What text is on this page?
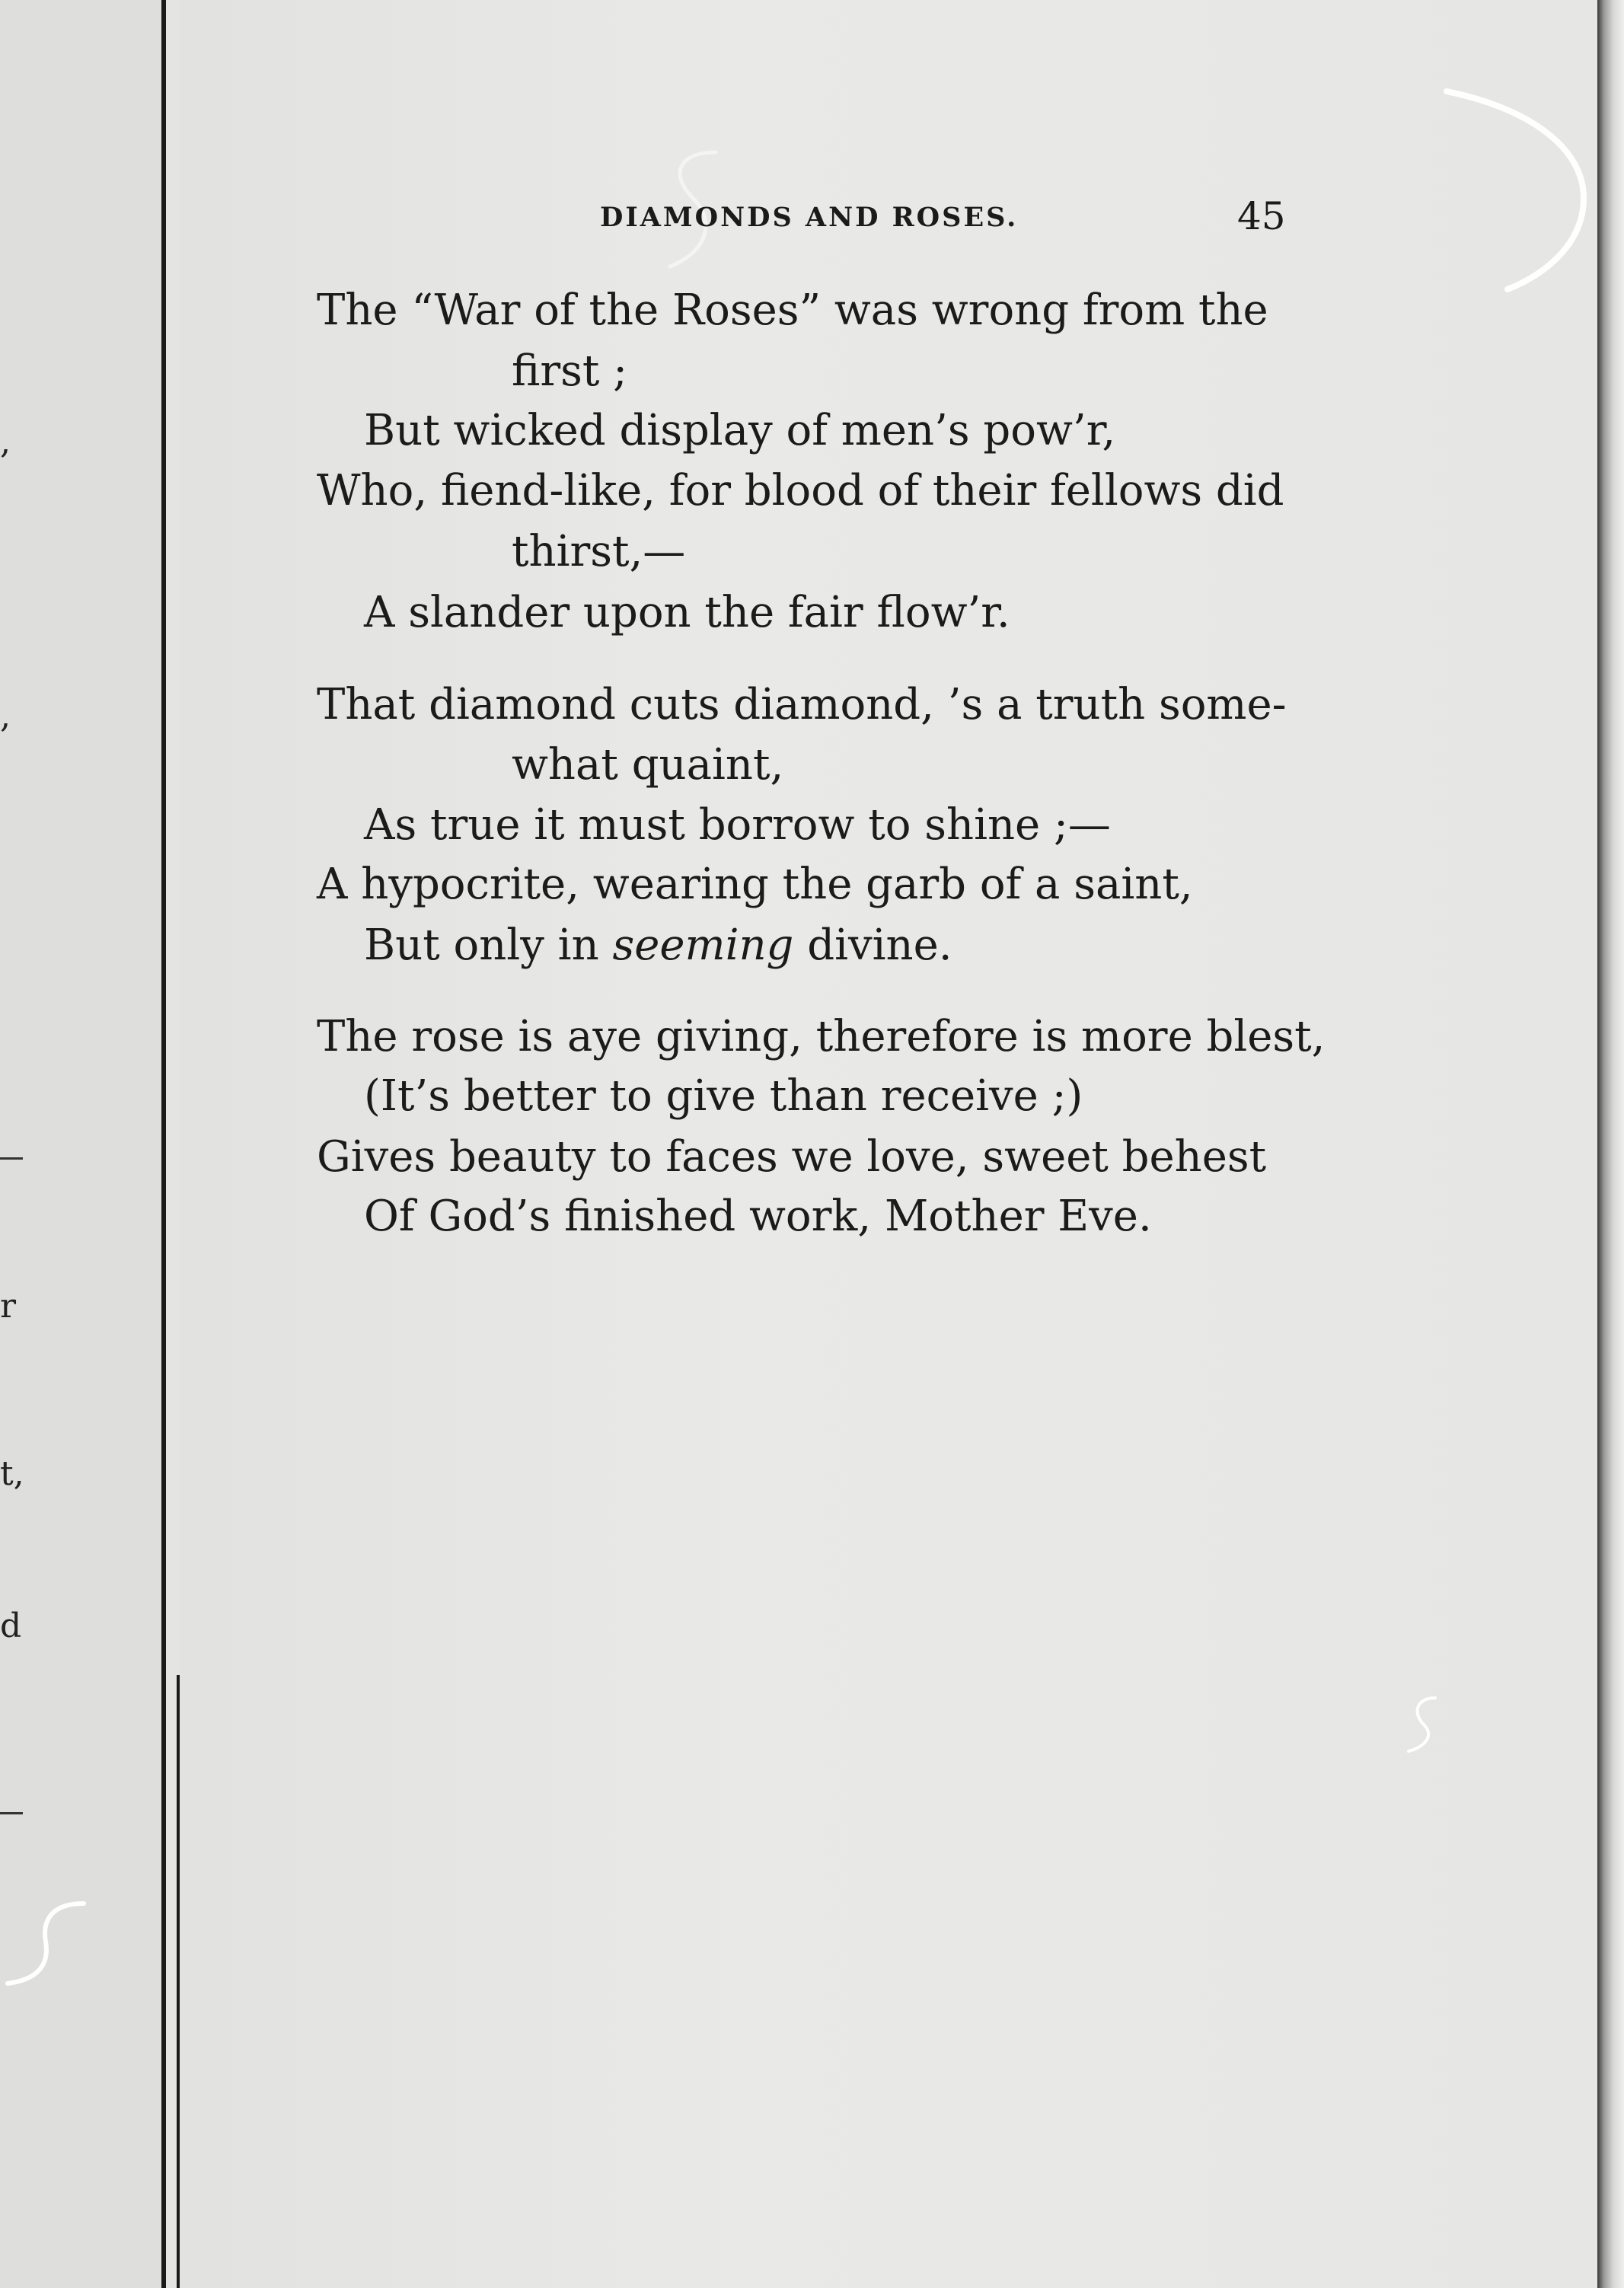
,
,
r
t,
d
DIAMONDS AND ROSES.	45
The “War of the Roses” was wrong from the
first ;
But wicked display of men’s pow’r,
Who, fiend-like, for blood of their fellows did
thirst,—
A slander upon the fair flow’r.
That diamond cuts diamond, ’s a truth some-
what quaint,
As true it must borrow to shine ;—
A hypocrite, wearing the garb of a saint,
But only in seeming divine.
The rose is aye giving, therefore is more blest,
(It’s better to give than receive ;)
Gives beauty to faces we love, sweet behest
Of God’s finished work, Mother Eve.
